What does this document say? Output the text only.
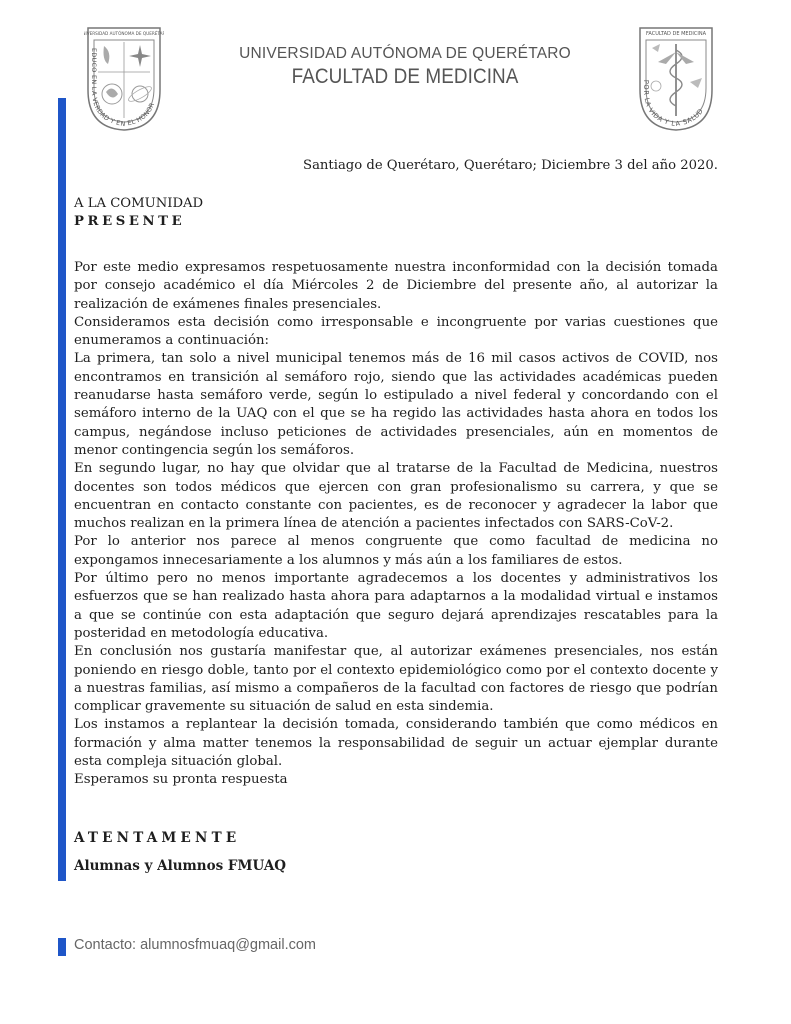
IVERSIDAD AUTÓNOMA DE QUERÉTA
EDUCO EN LA VERDAD Y EN EL HONOR
UNIVERSIDAD AUTÓNOMA DE QUERÉTARO
FACULTAD DE MEDICINA
FACULTAD DE MEDICINA
POR LA VIDA Y LA SALUD
Santiago de Querétaro, Querétaro; Diciembre 3 del año 2020.
A LA COMUNIDAD
PRESENTE

Por este medio expresamos respetuosamente nuestra inconformidad con la decisión tomada por consejo académico el día Miércoles 2 de Diciembre del presente año, al autorizar la realización de exámenes finales presenciales.

Consideramos esta decisión como irresponsable e incongruente por varias cuestiones que enumeramos a continuación:

La primera, tan solo a nivel municipal tenemos más de 16 mil casos activos de COVID, nos encontramos en transición al semáforo rojo, siendo que las actividades académicas pueden reanudarse hasta semáforo verde, según lo estipulado a nivel federal y concordando con el semáforo interno de la UAQ con el que se ha regido las actividades hasta ahora en todos los campus, negándose incluso peticiones de actividades presenciales, aún en momentos de menor contingencia según los semáforos.

En segundo lugar, no hay que olvidar que al tratarse de la Facultad de Medicina, nuestros docentes son todos médicos que ejercen con gran profesionalismo su carrera, y que se encuentran en contacto constante con pacientes, es de reconocer y agradecer la labor que muchos realizan en la primera línea de atención a pacientes infectados con SARS-CoV-2.

Por lo anterior nos parece al menos congruente que como facultad de medicina no expongamos innecesariamente a los alumnos y más aún a los familiares de estos.

Por último pero no menos importante agradecemos a los docentes y administrativos los esfuerzos que se han realizado hasta ahora para adaptarnos a la modalidad virtual e instamos a que se continúe con esta adaptación que seguro dejará aprendizajes rescatables para la posteridad en metodología educativa.

En conclusión nos gustaría manifestar que, al autorizar exámenes presenciales, nos están poniendo en riesgo doble, tanto por el contexto epidemiológico como por el contexto docente y a nuestras familias, así mismo a compañeros de la facultad con factores de riesgo que podrían complicar gravemente su situación de salud en esta sindemia.

Los instamos a replantear la decisión tomada, considerando también que como médicos en formación y alma matter tenemos la responsabilidad de seguir un actuar ejemplar durante esta compleja situación global.

Esperamos su pronta respuesta

ATENTAMENTE
Alumnas y Alumnos FMUAQ
Contacto: alumnosfmuaq@gmail.com
